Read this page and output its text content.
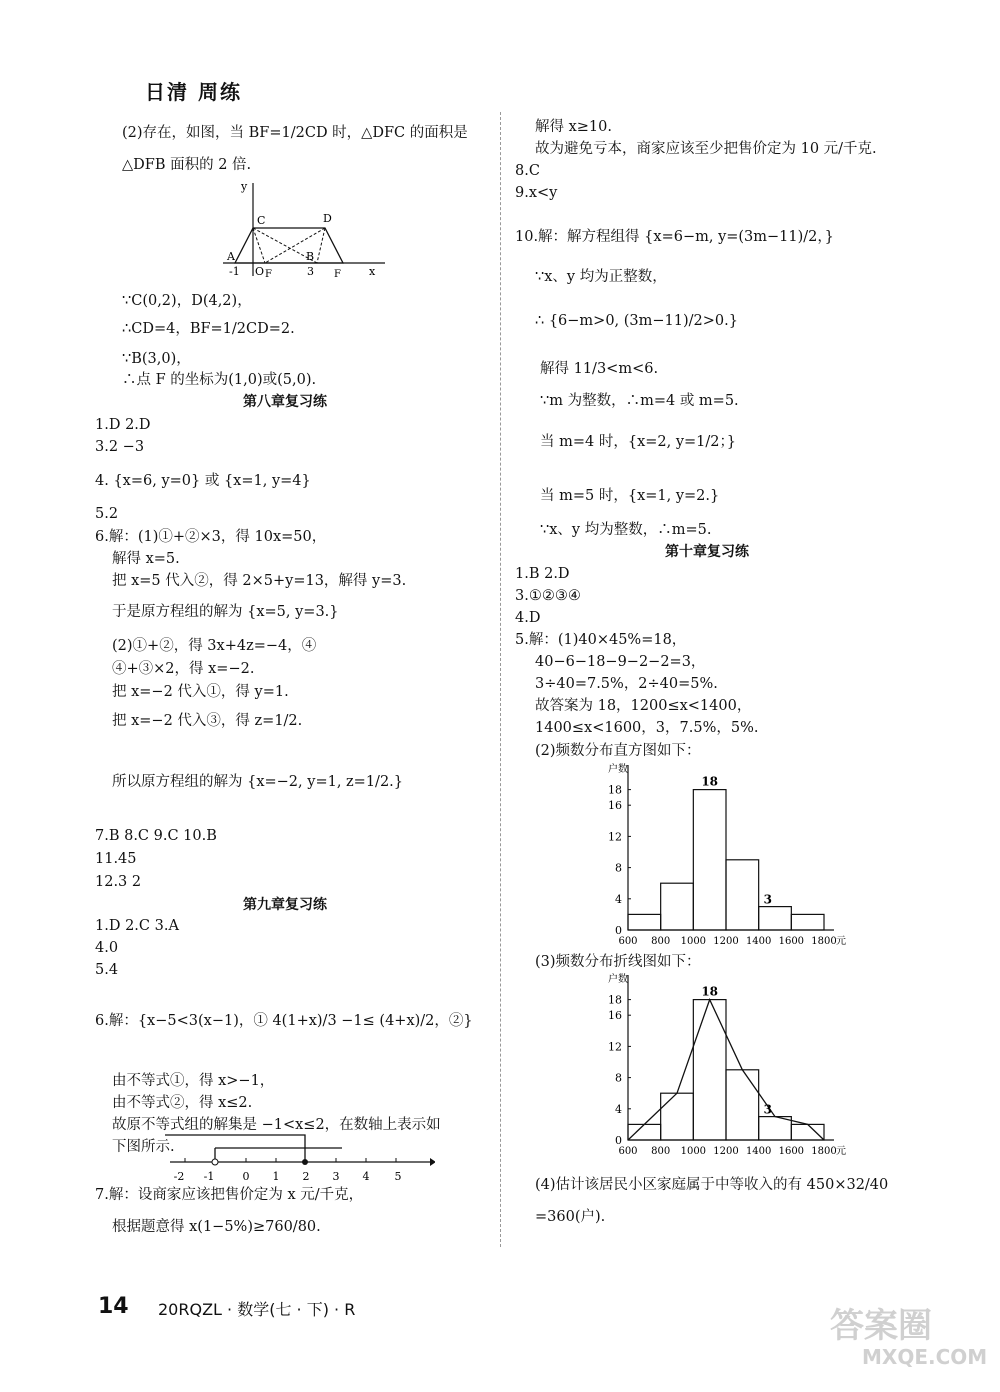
日清 周练
(2)存在，如图，当 BF=1/2CD 时，△DFC 的面积是
△DFB 面积的 2 倍.
y
C	D
A	B
-1 O F	3 F	x
∵C(0,2)，D(4,2)，
∴CD=4，BF=1/2CD=2.
∵B(3,0)，
∴点 F 的坐标为(1,0)或(5,0).
第八章复习练
1.D 2.D
3.2 −3
4. {x=6, y=0} 或 {x=1, y=4}
5.2
6.解：(1)①+②×3，得 10x=50，
解得 x=5.
把 x=5 代入②，得 2×5+y=13，解得 y=3.
于是原方程组的解为 {x=5, y=3.}
(2)①+②，得 3x+4z=−4，④
④+③×2，得 x=−2.
把 x=−2 代入①，得 y=1.
把 x=−2 代入③，得 z=1/2.
所以原方程组的解为 {x=−2, y=1, z=1/2.}
7.B 8.C 9.C 10.B
11.45
12.3 2
第九章复习练
1.D 2.C 3.A
4.0
5.4
6.解：{x−5<3(x−1)，① 4(1+x)/3 −1≤ (4+x)/2，②}
由不等式①，得 x>−1，
由不等式②，得 x≤2.
故原不等式组的解集是 −1<x≤2，在数轴上表示如
下图所示.
-2 -1	0 1 2 3 4 5
7.解：设商家应该把售价定为 x 元/千克，
根据题意得 x(1−5%)≥760/80.
解得 x≥10.
故为避免亏本，商家应该至少把售价定为 10 元/千克.
8.C
9.x<y
10.解：解方程组得 {x=6−m, y=(3m−11)/2，}
∵x、y 均为正整数，
∴ {6−m>0, (3m−11)/2>0.}
解得 11/3<m<6.
∵m 为整数，∴m=4 或 m=5.
当 m=4 时，{x=2, y=1/2；}
当 m=5 时，{x=1, y=2.}
∵x、y 均为整数，∴m=5.
第十章复习练
1.B 2.D
3.①②③④
4.D
5.解：(1)40×45%=18，
40−6−18−9−2−2=3，
3÷40=7.5%，2÷40=5%.
故答案为 18，1200≤x<1400，
1400≤x<1600，3，7.5%，5%.
(2)频数分布直方图如下：
户数
0
4
8
12
16
18
600 800 1000 1200 1400 1600 1800 元
18
3
(3)频数分布折线图如下：
户数
0
4
8
12
16
18
600 800 1000 1200 1400 1600 1800 元
18
3
(4)估计该居民小区家庭属于中等收入的有 450×32/40
=360(户).
14 20RQZL · 数学(七 · 下) · R	答案圈
MXQE.COM
